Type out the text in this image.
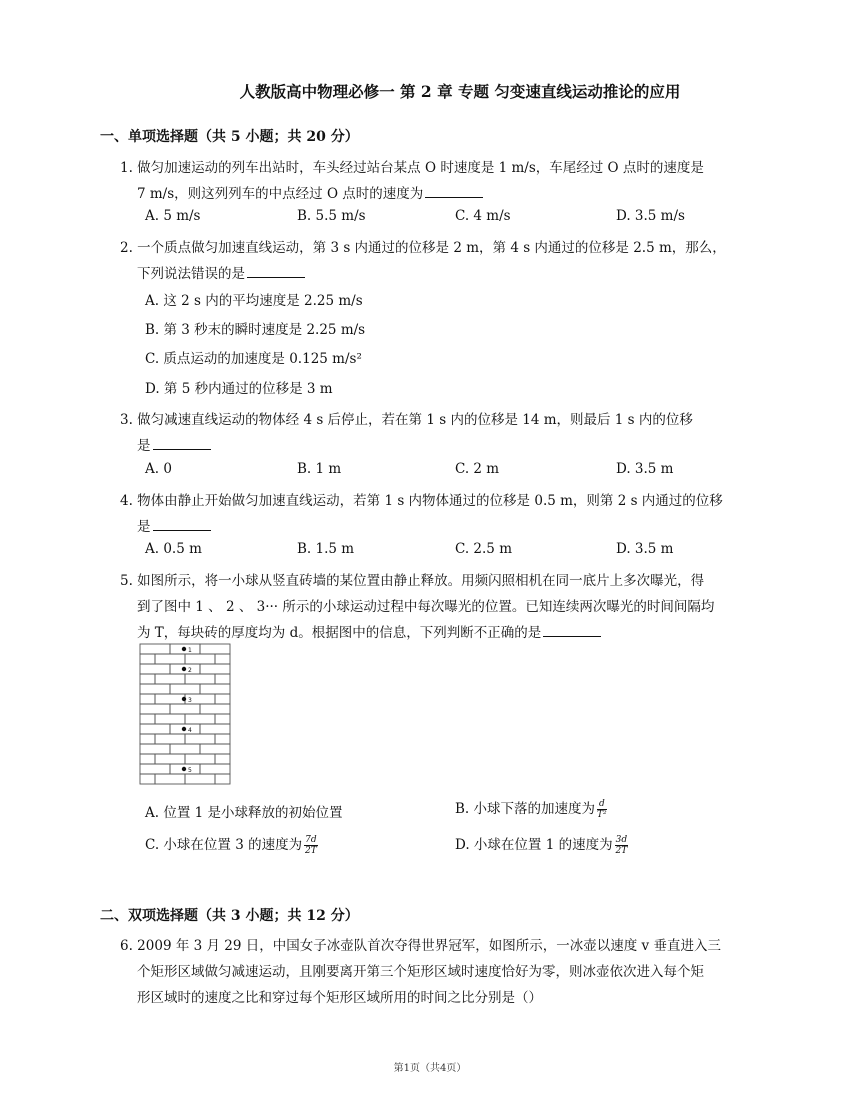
人教版高中物理必修一 第 2 章 专题 匀变速直线运动推论的应用
一、单项选择题（共 5 小题；共 20 分）
1. 做匀加速运动的列车出站时，车头经过站台某点 O 时速度是 1 m/s，车尾经过 O 点时的速度是
7 m/s，则这列列车的中点经过 O 点时的速度为
A. 5 m/s	B. 5.5 m/s	C. 4 m/s	D. 3.5 m/s
2. 一个质点做匀加速直线运动，第 3 s 内通过的位移是 2 m，第 4 s 内通过的位移是 2.5 m，那么，
下列说法错误的是
A. 这 2 s 内的平均速度是 2.25 m/s
B. 第 3 秒末的瞬时速度是 2.25 m/s
C. 质点运动的加速度是 0.125 m/s²
D. 第 5 秒内通过的位移是 3 m
3. 做匀减速直线运动的物体经 4 s 后停止，若在第 1 s 内的位移是 14 m，则最后 1 s 内的位移
是
A. 0	B. 1 m	C. 2 m	D. 3.5 m
4. 物体由静止开始做匀加速直线运动，若第 1 s 内物体通过的位移是 0.5 m，则第 2 s 内通过的位移
是
A. 0.5 m	B. 1.5 m	C. 2.5 m	D. 3.5 m
5. 如图所示，将一小球从竖直砖墙的某位置由静止释放。用频闪照相机在同一底片上多次曝光，得
到了图中 1 、 2 、 3··· 所示的小球运动过程中每次曝光的位置。已知连续两次曝光的时间间隔均
为 T，每块砖的厚度均为 d。根据图中的信息，下列判断不正确的是
1
2
3
4
5
A. 位置 1 是小球释放的初始位置	B. 小球下落的加速度为 $\frac{d}{\text{T²}}$
C. 小球在位置 3 的速度为 $\frac{7d}{2T}$	D. 小球在位置 1 的速度为 $\frac{3d}{2T}$
二、双项选择题（共 3 小题；共 12 分）
6. 2009 年 3 月 29 日，中国女子冰壶队首次夺得世界冠军，如图所示，一冰壶以速度 v 垂直进入三
个矩形区域做匀减速运动，且刚要离开第三个矩形区域时速度恰好为零，则冰壶依次进入每个矩
形区域时的速度之比和穿过每个矩形区域所用的时间之比分别是（）
第1页（共4页）
